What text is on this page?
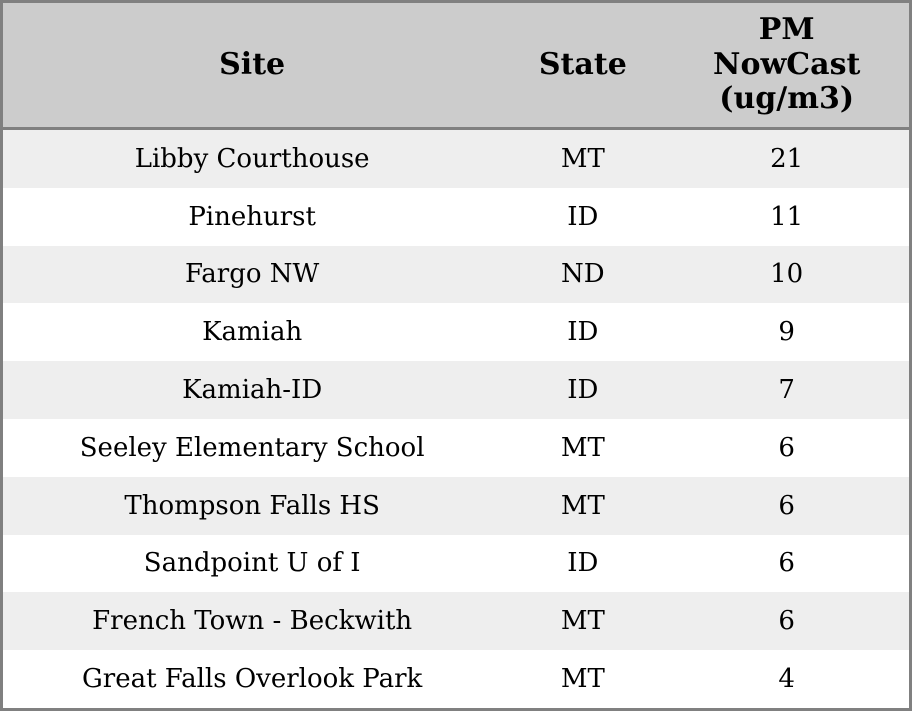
Site	State	PM NowCast (ug/m3)

Libby Courthouse	MT	21
Pinehurst	ID	11
Fargo NW	ND	10
Kamiah	ID	9
Kamiah-ID	ID	7
Seeley Elementary School	MT	6
Thompson Falls HS	MT	6
Sandpoint U of I	ID	6
French Town - Beckwith	MT	6
Great Falls Overlook Park	MT	4
